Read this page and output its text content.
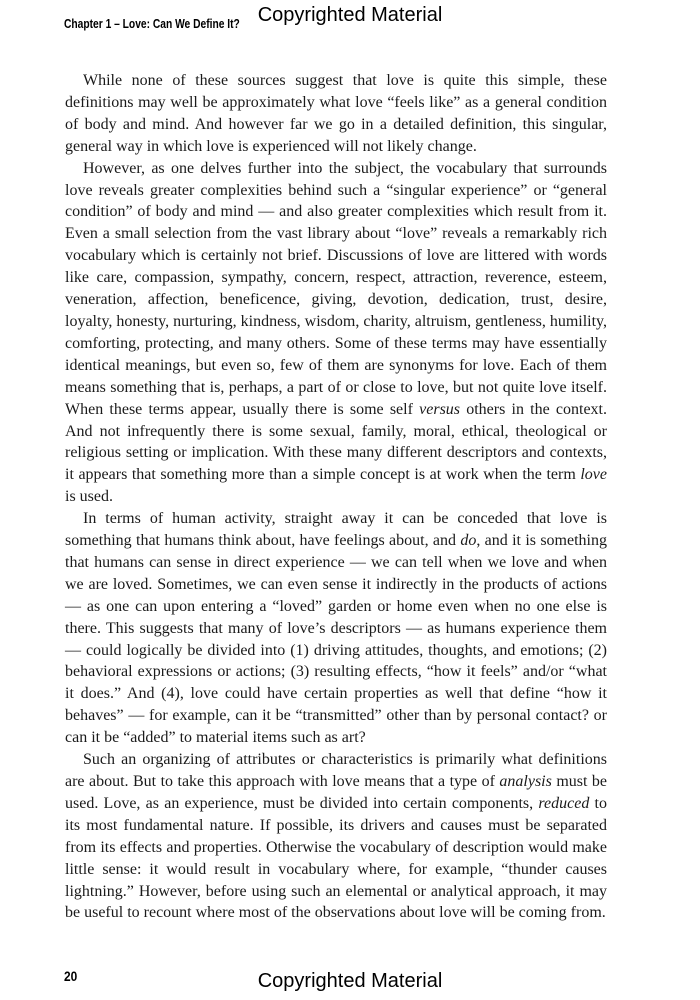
Copyrighted Material
Chapter 1 – Love: Can We Define It?

While none of these sources suggest that love is quite this simple, these definitions may well be approximately what love “feels like” as a general condition of body and mind. And however far we go in a detailed definition, this singular, general way in which love is experienced will not likely change.

However, as one delves further into the subject, the vocabulary that surrounds love reveals greater complexities behind such a “singular experience” or “general condition” of body and mind — and also greater complexities which result from it. Even a small selection from the vast library about “love” reveals a remarkably rich vocabulary which is certainly not brief. Discussions of love are littered with words like care, compassion, sympathy, concern, respect, attraction, reverence, esteem, veneration, affection, beneficence, giving, devotion, dedication, trust, desire, loyalty, honesty, nurturing, kindness, wisdom, charity, altruism, gentleness, humility, comforting, protecting, and many others. Some of these terms may have essentially identical meanings, but even so, few of them are synonyms for love. Each of them means something that is, perhaps, a part of or close to love, but not quite love itself. When these terms appear, usually there is some self versus others in the context. And not infrequently there is some sexual, family, moral, ethical, theological or religious setting or implication. With these many different descriptors and contexts, it appears that something more than a simple concept is at work when the term love is used.

In terms of human activity, straight away it can be conceded that love is something that humans think about, have feelings about, and do, and it is something that humans can sense in direct experience — we can tell when we love and when we are loved. Sometimes, we can even sense it indirectly in the products of actions — as one can upon entering a “loved” garden or home even when no one else is there. This suggests that many of love’s descriptors — as humans experience them — could logically be divided into (1) driving attitudes, thoughts, and emotions; (2) behavioral expressions or actions; (3) resulting effects, “how it feels” and/or “what it does.” And (4), love could have certain properties as well that define “how it behaves” — for example, can it be “transmitted” other than by personal contact? or can it be “added” to material items such as art?

Such an organizing of attributes or characteristics is primarily what definitions are about. But to take this approach with love means that a type of analysis must be used. Love, as an experience, must be divided into certain components, reduced to its most fundamental nature. If possible, its drivers and causes must be separated from its effects and properties. Otherwise the vocabulary of description would make little sense: it would result in vocabulary where, for example, “thunder causes lightning.” However, before using such an elemental or analytical approach, it may be useful to recount where most of the observations about love will be coming from.

20	Copyrighted Material
